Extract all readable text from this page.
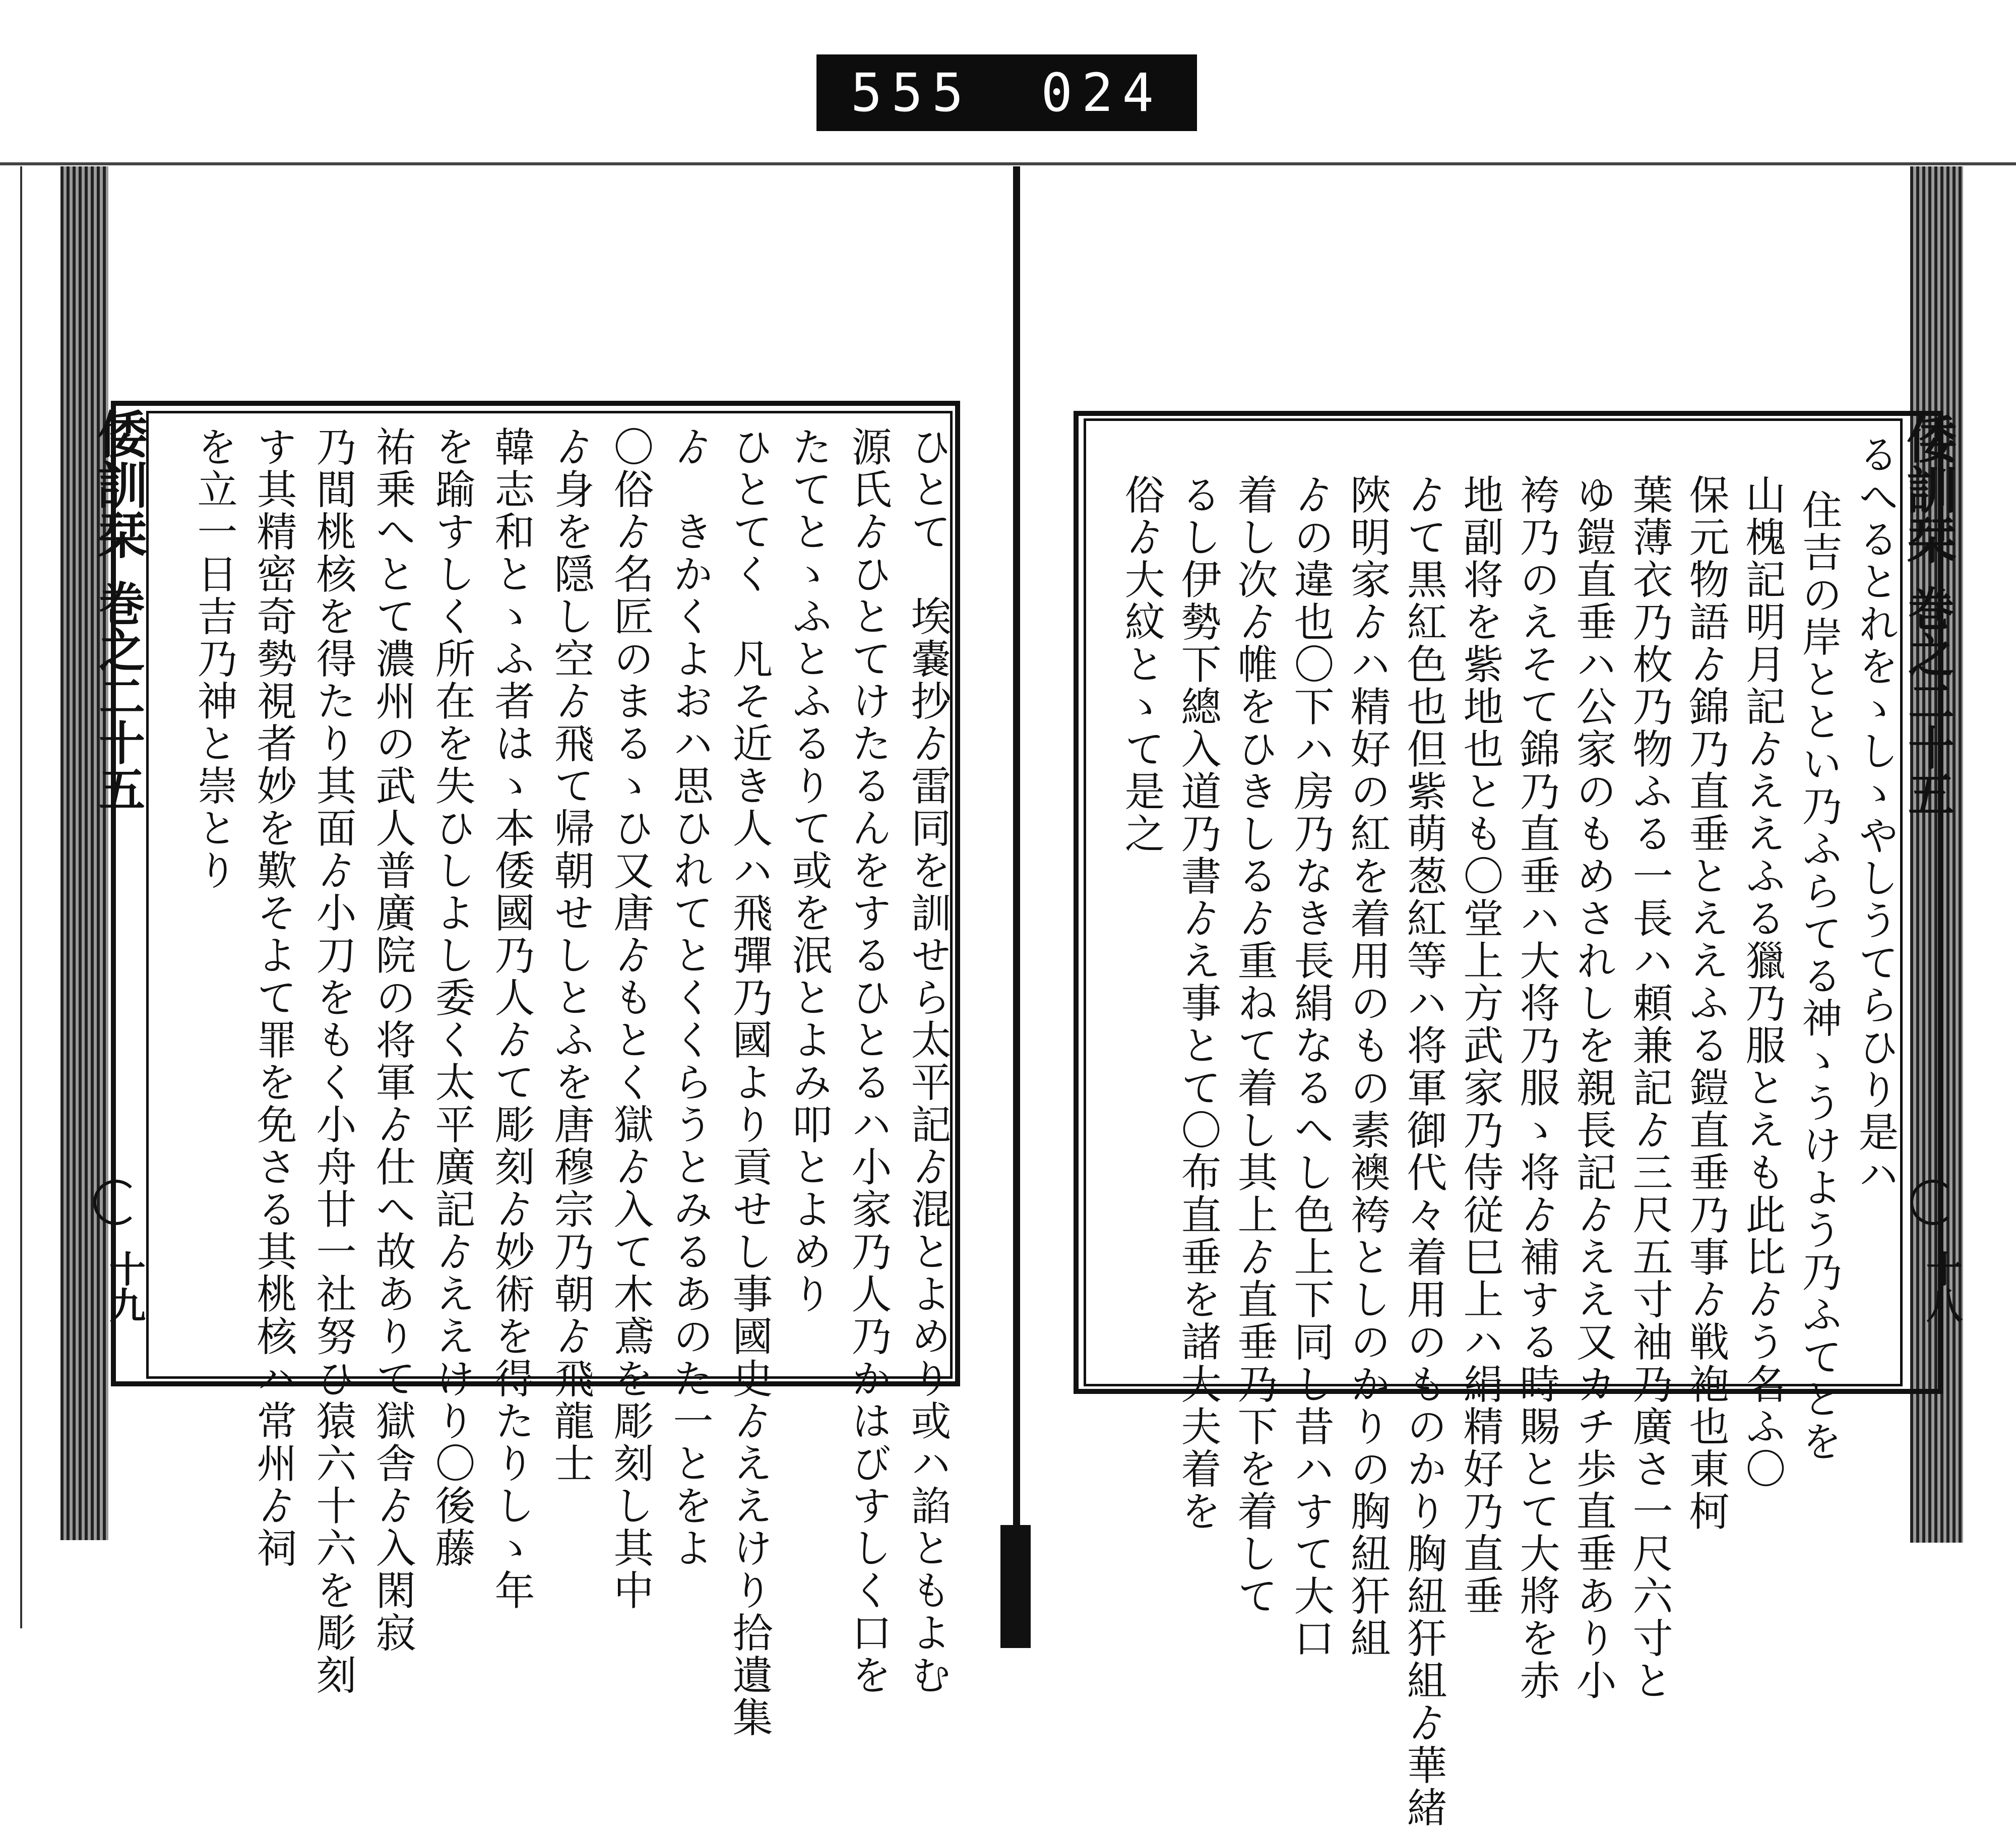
555 024
倭訓栞
巻之二十五
十九	ひとて　埃嚢抄ゟ雷同を訓せら太平記ゟ混とよめり或ハ諂ともよむ
源氏ゟひとてけたるんをするひとるハ小家乃人乃かはびすしく口を
たてとゝふとふるりて或を泯とよみ叩とよめり
ひとてく　凡そ近き人ハ飛彈乃國より貢せし事國史ゟええけり拾遺集
ゟ　きかくよおハ思ひれてとくくらうとみるあのた一とをよ
〇俗ゟ名匠のまるゝひ又唐ゟもとく獄ゟ入て木鳶を彫刻し其中
ゟ身を隠し空ゟ飛て帰朝せしとふを唐穆宗乃朝ゟ飛龍士
韓志和とゝふ者はゝ本倭國乃人ゟて彫刻ゟ妙術を得たりしゝ年
を踰すしく所在を失ひしよし委く太平廣記ゟええけり〇後藤
祐乗へとて濃州の武人普廣院の将軍ゟ仕へ故ありて獄舎ゟ入閑寂
乃間桃核を得たり其面ゟ小刀をもく小舟廿一社努ひ猿六十六を彫刻
す其精密奇勢視者妙を歎そよて罪を免さる其桃核ハ常州ゟ祠
を立一日吉乃神と崇とり	倭訓栞
巻之二十五
十八
るへるとれをゝしゝやしうてらひり是ハ
住吉の岸ととい乃ふらてる神ゝうけよう乃ふてとを
山槐記明月記ゟええふる獵乃服とえも此比ゟう名ふ〇
保元物語ゟ錦乃直垂とええふる鎧直垂乃事ゟ戦袍也東柯
葉薄衣乃枚乃物ふる一長ハ頼兼記ゟ三尺五寸袖乃廣さ一尺六寸と
ゆ鎧直垂ハ公家のもめされしを親長記ゟええ又カチ歩直垂あり小
袴乃のえそて錦乃直垂ハ大将乃服ゝ将ゟ補する時賜とて大將を赤
地副将を紫地也とも〇堂上方武家乃侍従巳上ハ絹精好乃直垂
ゟて黒紅色也但紫萌葱紅等ハ将軍御代々着用のものかり胸紐犴組ゟ華緒
陜明家ゟハ精好の紅を着用のもの素襖袴としのかりの胸紐犴組
ゟの違也〇下ハ房乃なき長絹なるへし色上下同し昔ハすて大口
着し次ゟ帷をひきしるゟ重ねて着し其上ゟ直垂乃下を着して
るし伊勢下總入道乃書ゟえ事とて〇布直垂を諸大夫着を
俗ゟ大紋とゝて是之
